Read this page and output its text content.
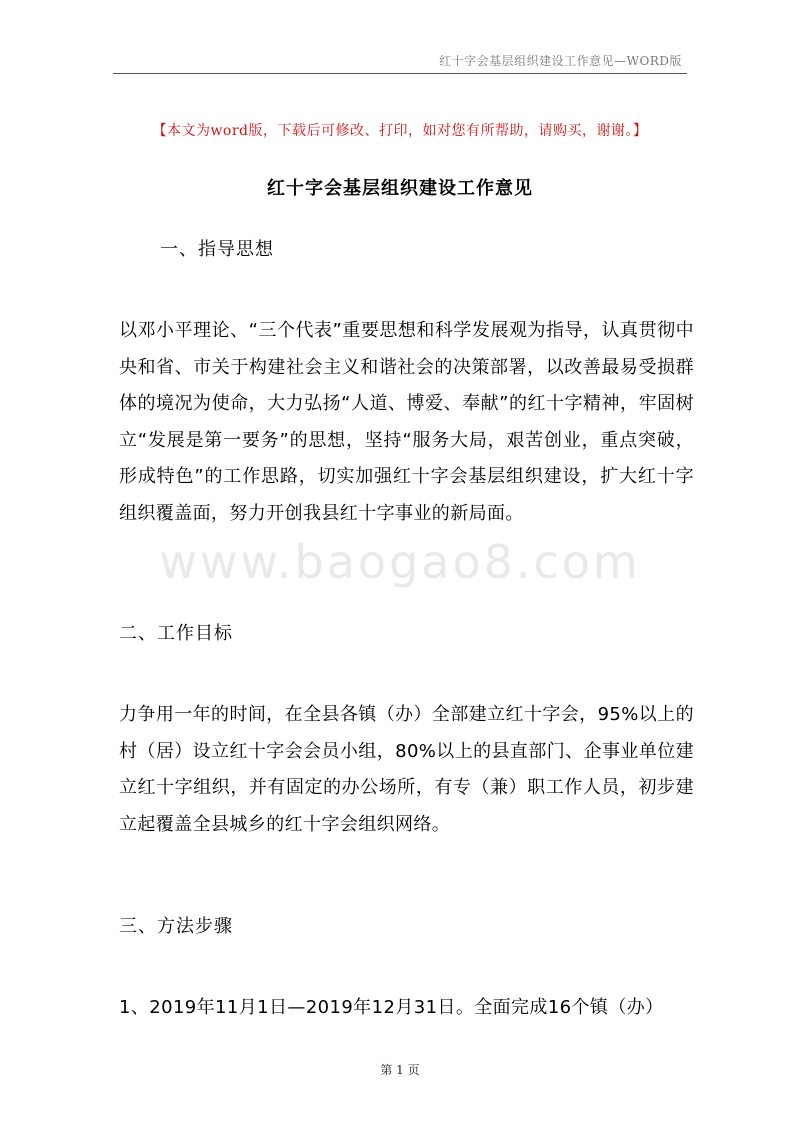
红十字会基层组织建设工作意见—WORD版
【本文为word版，下载后可修改、打印，如对您有所帮助，请购买，谢谢。】
红十字会基层组织建设工作意见
一、指导思想
以邓小平理论、“三个代表”重要思想和科学发展观为指导，认真贯彻中央和省、市关于构建社会主义和谐社会的决策部署，以改善最易受损群体的境况为使命，大力弘扬“人道、博爱、奉献”的红十字精神，牢固树立“发展是第一要务”的思想，坚持“服务大局，艰苦创业，重点突破，形成特色”的工作思路，切实加强红十字会基层组织建设，扩大红十字组织覆盖面，努力开创我县红十字事业的新局面。
www.baogao8.com
二、工作目标
力争用一年的时间，在全县各镇（办）全部建立红十字会，95%以上的村（居）设立红十字会会员小组，80%以上的县直部门、企事业单位建立红十字组织，并有固定的办公场所，有专（兼）职工作人员，初步建立起覆盖全县城乡的红十字会组织网络。
三、方法步骤
1、2019年11月1日—2019年12月31日。全面完成16个镇（办）
第 1 页
